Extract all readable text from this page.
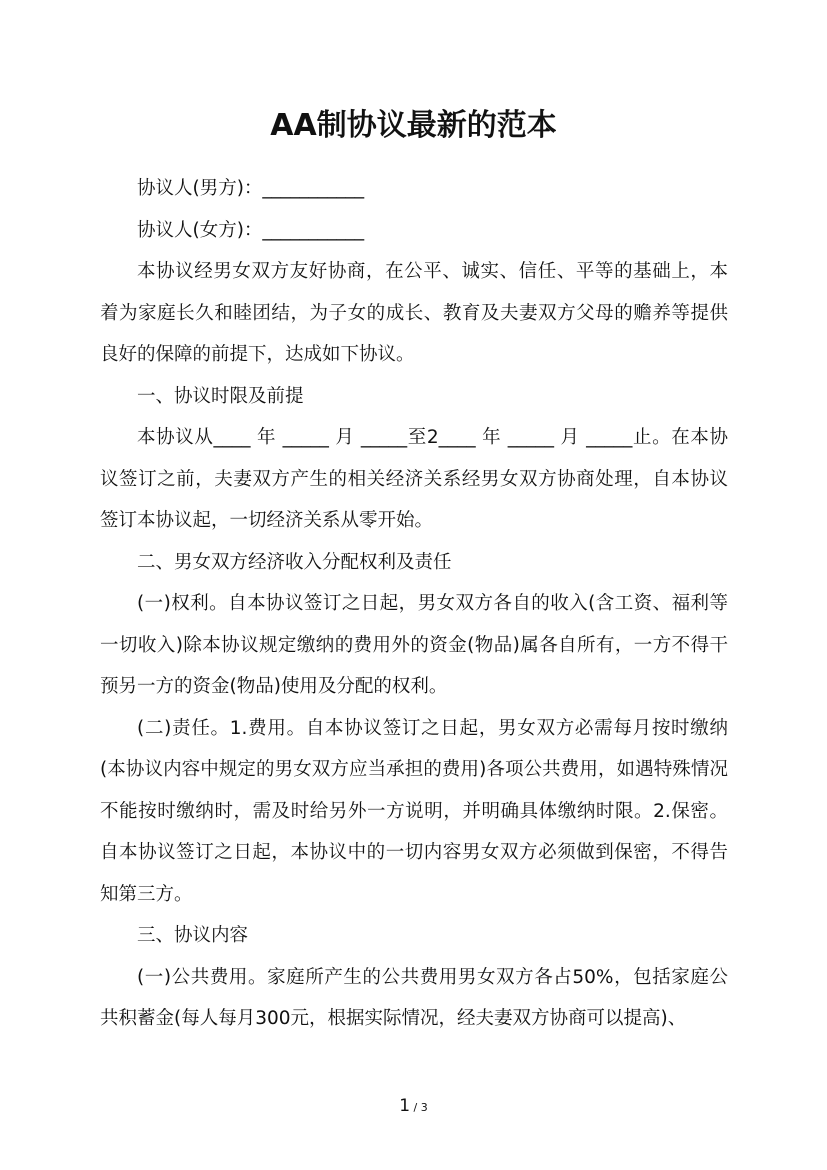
AA制协议最新的范本

协议人(男方)：___________

协议人(女方)：___________

本协议经男女双方友好协商，在公平、诚实、信任、平等的基础上，本着为家庭长久和睦团结，为子女的成长、教育及夫妻双方父母的赡养等提供良好的保障的前提下，达成如下协议。

一、协议时限及前提

本协议从____ 年 _____ 月 _____至2____ 年 _____ 月 _____止。在本协议签订之前，夫妻双方产生的相关经济关系经男女双方协商处理，自本协议签订本协议起，一切经济关系从零开始。

二、男女双方经济收入分配权利及责任

(一)权利。自本协议签订之日起，男女双方各自的收入(含工资、福利等一切收入)除本协议规定缴纳的费用外的资金(物品)属各自所有，一方不得干预另一方的资金(物品)使用及分配的权利。

(二)责任。1.费用。自本协议签订之日起，男女双方必需每月按时缴纳(本协议内容中规定的男女双方应当承担的费用)各项公共费用，如遇特殊情况不能按时缴纳时，需及时给另外一方说明，并明确具体缴纳时限。2.保密。自本协议签订之日起，本协议中的一切内容男女双方必须做到保密，不得告知第三方。

三、协议内容

(一)公共费用。家庭所产生的公共费用男女双方各占50%，包括家庭公共积蓄金(每人每月300元，根据实际情况，经夫妻双方协商可以提高)、

1 / 3
